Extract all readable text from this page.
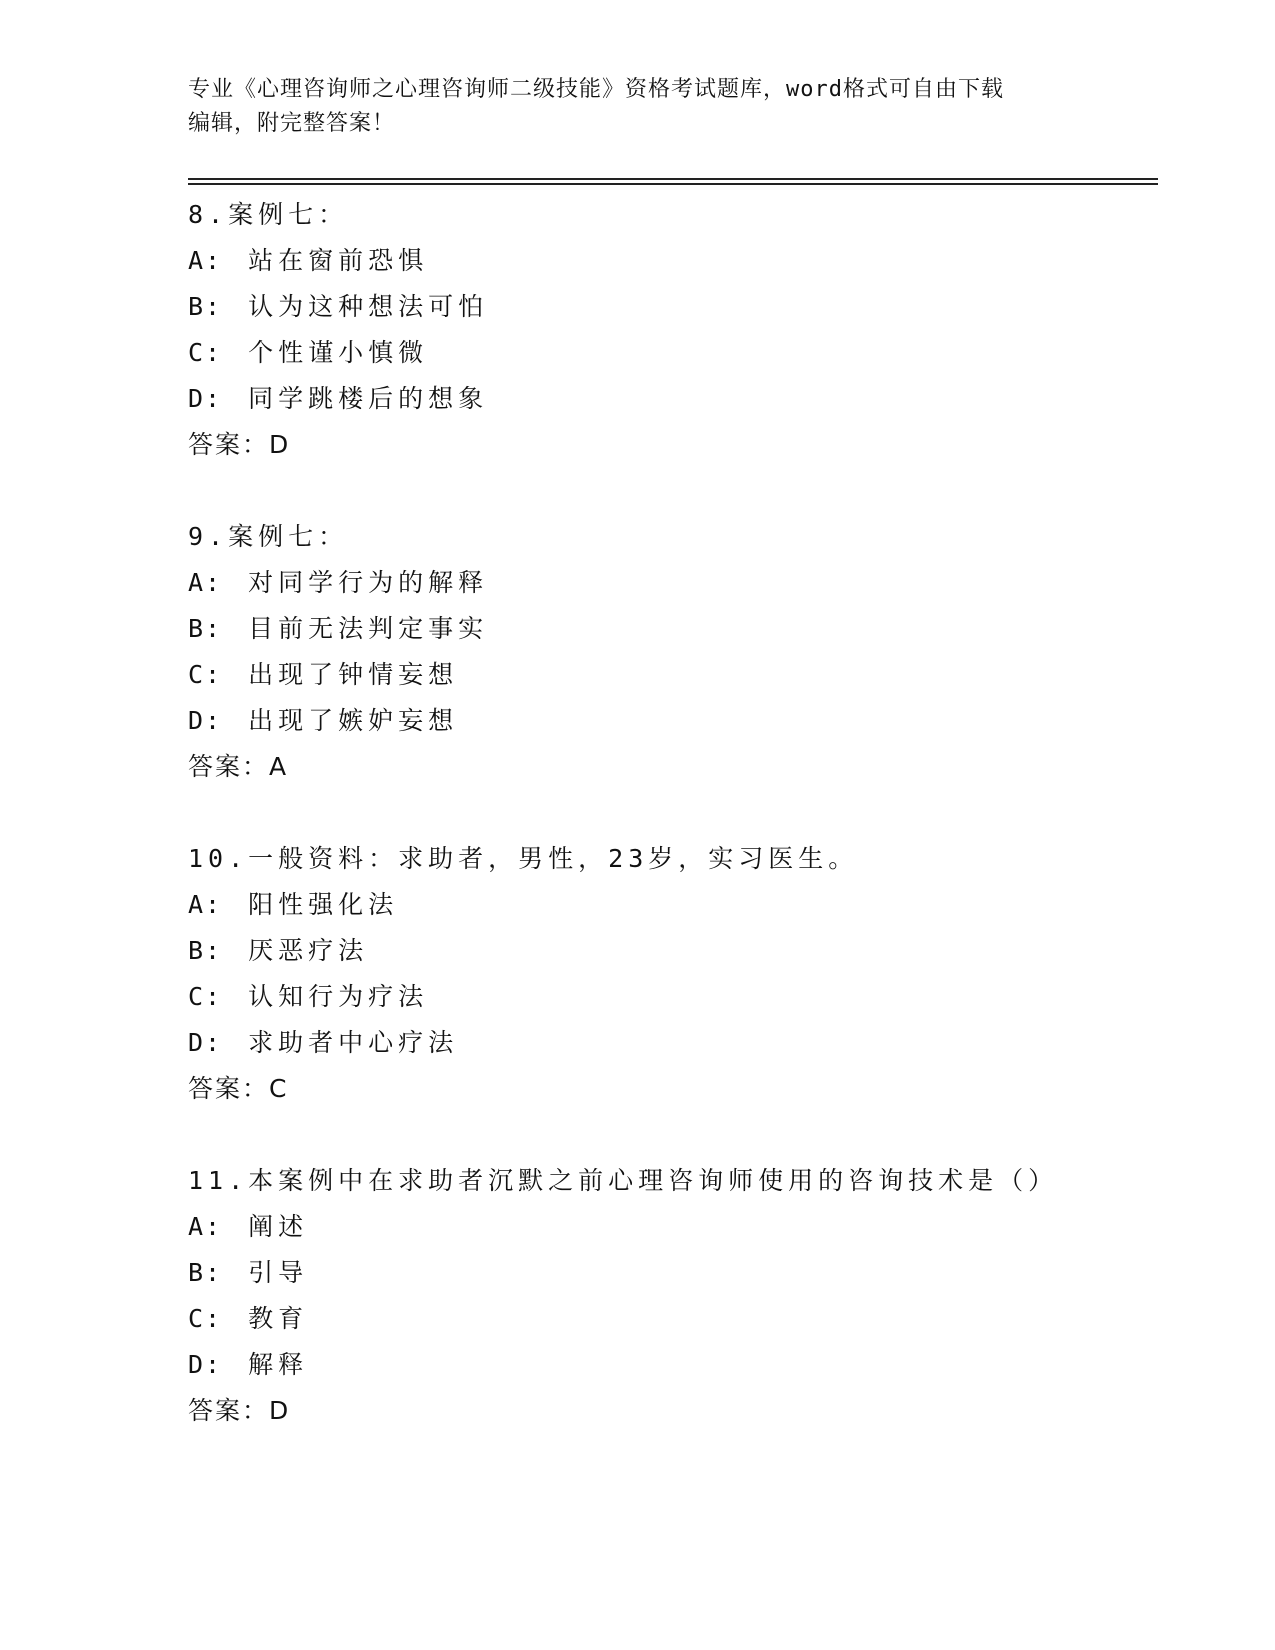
专业《心理咨询师之心理咨询师二级技能》资格考试题库，word格式可自由下载
编辑，附完整答案！
8.案例七：
A: 站在窗前恐惧
B: 认为这种想法可怕
C: 个性谨小慎微
D: 同学跳楼后的想象
答案：D
9.案例七：
A: 对同学行为的解释
B: 目前无法判定事实
C: 出现了钟情妄想
D: 出现了嫉妒妄想
答案：A
10.一般资料：求助者，男性，23岁，实习医生。
A: 阳性强化法
B: 厌恶疗法
C: 认知行为疗法
D: 求助者中心疗法
答案：C
11.本案例中在求助者沉默之前心理咨询师使用的咨询技术是（）
A: 阐述
B: 引导
C: 教育
D: 解释
答案：D
